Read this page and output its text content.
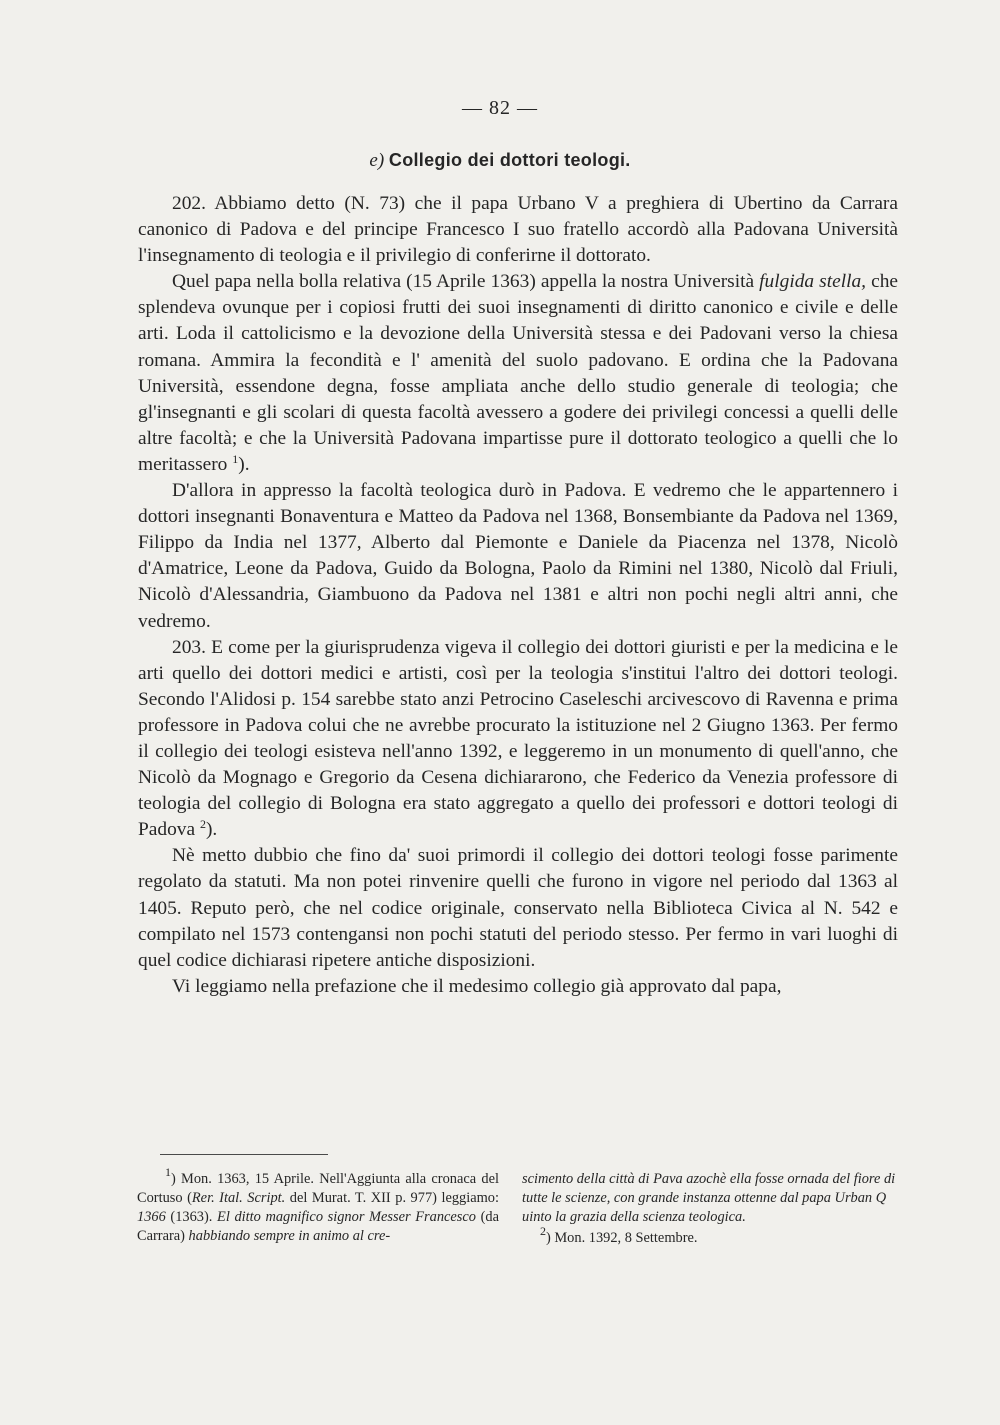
— 82 —
e) Collegio dei dottori teologi.

202. Abbiamo detto (N. 73) che il papa Urbano V a preghiera di Ubertino da Carrara canonico di Padova e del principe Francesco I suo fratello accordò alla Padovana Università l'insegnamento di teologia e il privilegio di conferirne il dottorato.

Quel papa nella bolla relativa (15 Aprile 1363) appella la nostra Università fulgida stella, che splendeva ovunque per i copiosi frutti dei suoi insegnamenti di diritto canonico e civile e delle arti. Loda il cattolicismo e la devozione della Università stessa e dei Padovani verso la chiesa romana. Ammira la fecondità e l' amenità del suolo padovano. E ordina che la Padovana Università, essendone degna, fosse ampliata anche dello studio generale di teologia; che gl'insegnanti e gli scolari di questa facoltà avessero a godere dei privilegi concessi a quelli delle altre facoltà; e che la Università Padovana impartisse pure il dottorato teologico a quelli che lo meritassero $^1$).

D'allora in appresso la facoltà teologica durò in Padova. E vedremo che le appartennero i dottori insegnanti Bonaventura e Matteo da Padova nel 1368, Bonsembiante da Padova nel 1369, Filippo da India nel 1377, Alberto dal Piemonte e Daniele da Piacenza nel 1378, Nicolò d'Amatrice, Leone da Padova, Guido da Bologna, Paolo da Rimini nel 1380, Nicolò dal Friuli, Nicolò d'Alessandria, Giambuono da Padova nel 1381 e altri non pochi negli altri anni, che vedremo.

203. E come per la giurisprudenza vigeva il collegio dei dottori giuristi e per la medicina e le arti quello dei dottori medici e artisti, così per la teologia s'institui l'altro dei dottori teologi. Secondo l'Alidosi p. 154 sarebbe stato anzi Petrocino Caseleschi arcivescovo di Ravenna e prima professore in Padova colui che ne avrebbe procurato la istituzione nel 2 Giugno 1363. Per fermo il collegio dei teologi esisteva nell'anno 1392, e leggeremo in un monumento di quell'anno, che Nicolò da Mognago e Gregorio da Cesena dichiararono, che Federico da Venezia professore di teologia del collegio di Bologna era stato aggregato a quello dei professori e dottori teologi di Padova $^2$).

Nè metto dubbio che fino da' suoi primordi il collegio dei dottori teologi fosse parimente regolato da statuti. Ma non potei rinvenire quelli che furono in vigore nel periodo dal 1363 al 1405. Reputo però, che nel codice originale, conservato nella Biblioteca Civica al N. 542 e compilato nel 1573 contengansi non pochi statuti del periodo stesso. Per fermo in vari luoghi di quel codice dichiarasi ripetere antiche disposizioni.

Vi leggiamo nella prefazione che il medesimo collegio già approvato dal papa,

$^1$) Mon. 1363, 15 Aprile. Nell'Aggiunta alla cronaca del Cortuso (Rer. Ital. Script. del Murat. T. XII p. 977) leggiamo: 1366 (1363). El ditto magnifico signor Messer Francesco (da Carrara) habbiando sempre in animo al cre-
scimento della città di Pava azochè ella fosse ornada del fiore di tutte le scienze, con grande instanza ottenne dal papa Urban Q uinto la grazia della scienza teologica.
$^2$) Mon. 1392, 8 Settembre.
